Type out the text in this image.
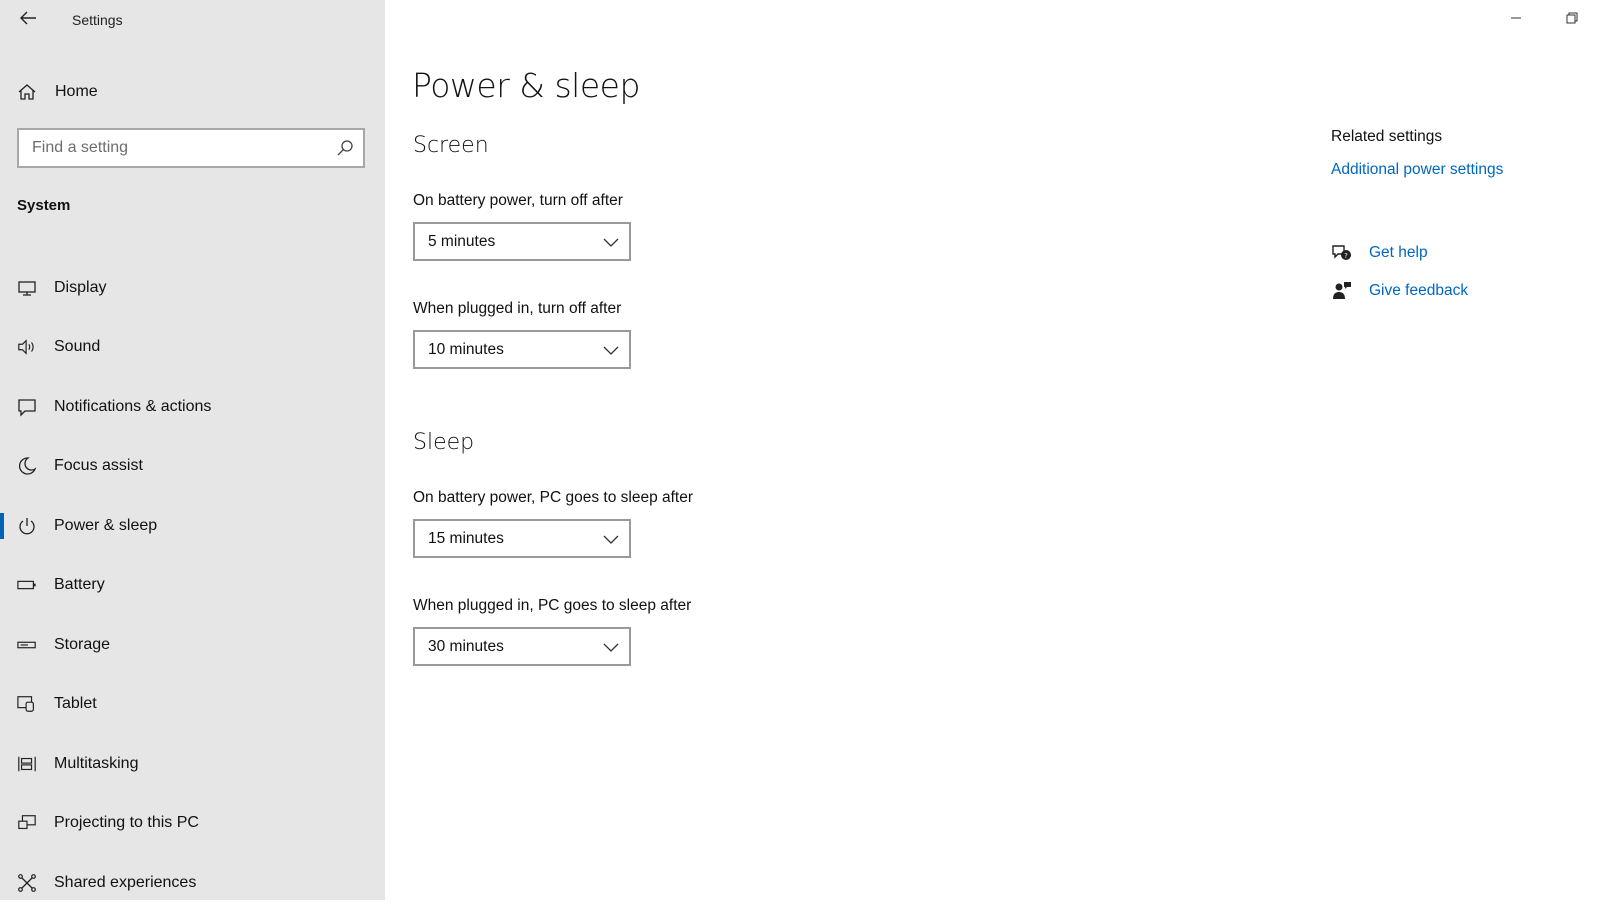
Settings
Home
Find a setting
System
Display
Sound
Notifications & actions
Focus assist
Power & sleep
Battery
Storage
Tablet
Multitasking
Projecting to this PC
Shared experiences
Power & sleep
Screen
On battery power, turn off after
5 minutes
When plugged in, turn off after
10 minutes
Sleep
On battery power, PC goes to sleep after
15 minutes
When plugged in, PC goes to sleep after
30 minutes
Related settings
Additional power settings
? Get help
Give feedback
